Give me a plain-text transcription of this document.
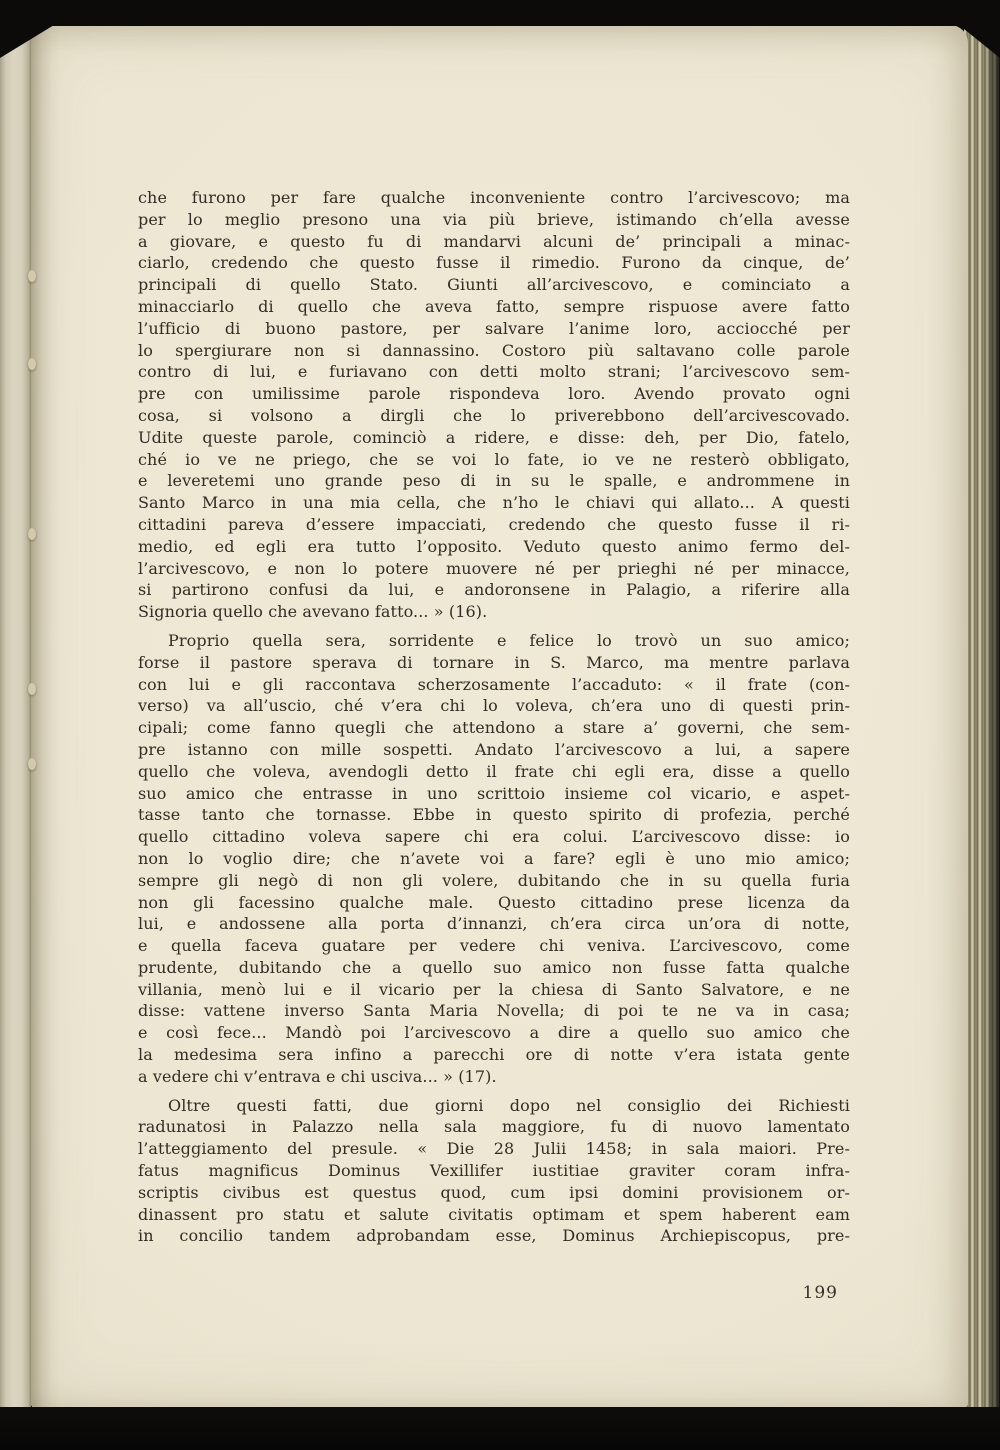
che furono per fare qualche inconveniente contro l’arcivescovo; ma
per lo meglio presono una via più brieve, istimando ch’ella avesse
a giovare, e questo fu di mandarvi alcuni de’ principali a minac-
ciarlo, credendo che questo fusse il rimedio. Furono da cinque, de’
principali di quello Stato. Giunti all’arcivescovo, e cominciato a
minacciarlo di quello che aveva fatto, sempre rispuose avere fatto
l’ufficio di buono pastore, per salvare l’anime loro, acciocché per
lo spergiurare non si dannassino. Costoro più saltavano colle parole
contro di lui, e furiavano con detti molto strani; l’arcivescovo sem-
pre con umilissime parole rispondeva loro. Avendo provato ogni
cosa, si volsono a dirgli che lo priverebbono dell’arcivescovado.
Udite queste parole, cominciò a ridere, e disse: deh, per Dio, fatelo,
ché io ve ne priego, che se voi lo fate, io ve ne resterò obbligato,
e leveretemi uno grande peso di in su le spalle, e andrommene in
Santo Marco in una mia cella, che n’ho le chiavi qui allato... A questi
cittadini pareva d’essere impacciati, credendo che questo fusse il ri-
medio, ed egli era tutto l’opposito. Veduto questo animo fermo del-
l’arcivescovo, e non lo potere muovere né per prieghi né per minacce,
si partirono confusi da lui, e andoronsene in Palagio, a riferire alla
Signoria quello che avevano fatto... » (16).
Proprio quella sera, sorridente e felice lo trovò un suo amico;
forse il pastore sperava di tornare in S. Marco, ma mentre parlava
con lui e gli raccontava scherzosamente l’accaduto: « il frate (con-
verso) va all’uscio, ché v’era chi lo voleva, ch’era uno di questi prin-
cipali; come fanno quegli che attendono a stare a’ governi, che sem-
pre istanno con mille sospetti. Andato l’arcivescovo a lui, a sapere
quello che voleva, avendogli detto il frate chi egli era, disse a quello
suo amico che entrasse in uno scrittoio insieme col vicario, e aspet-
tasse tanto che tornasse. Ebbe in questo spirito di profezia, perché
quello cittadino voleva sapere chi era colui. L’arcivescovo disse: io
non lo voglio dire; che n’avete voi a fare? egli è uno mio amico;
sempre gli negò di non gli volere, dubitando che in su quella furia
non gli facessino qualche male. Questo cittadino prese licenza da
lui, e andossene alla porta d’innanzi, ch’era circa un’ora di notte,
e quella faceva guatare per vedere chi veniva. L’arcivescovo, come
prudente, dubitando che a quello suo amico non fusse fatta qualche
villania, menò lui e il vicario per la chiesa di Santo Salvatore, e ne
disse: vattene inverso Santa Maria Novella; di poi te ne va in casa;
e così fece... Mandò poi l’arcivescovo a dire a quello suo amico che
la medesima sera infino a parecchi ore di notte v’era istata gente
a vedere chi v’entrava e chi usciva... » (17).
Oltre questi fatti, due giorni dopo nel consiglio dei Richiesti
radunatosi in Palazzo nella sala maggiore, fu di nuovo lamentato
l’atteggiamento del presule. « Die 28 Julii 1458; in sala maiori. Pre-
fatus magnificus Dominus Vexillifer iustitiae graviter coram infra-
scriptis civibus est questus quod, cum ipsi domini provisionem or-
dinassent pro statu et salute civitatis optimam et spem haberent eam
in concilio tandem adprobandam esse, Dominus Archiepiscopus, pre-
199
